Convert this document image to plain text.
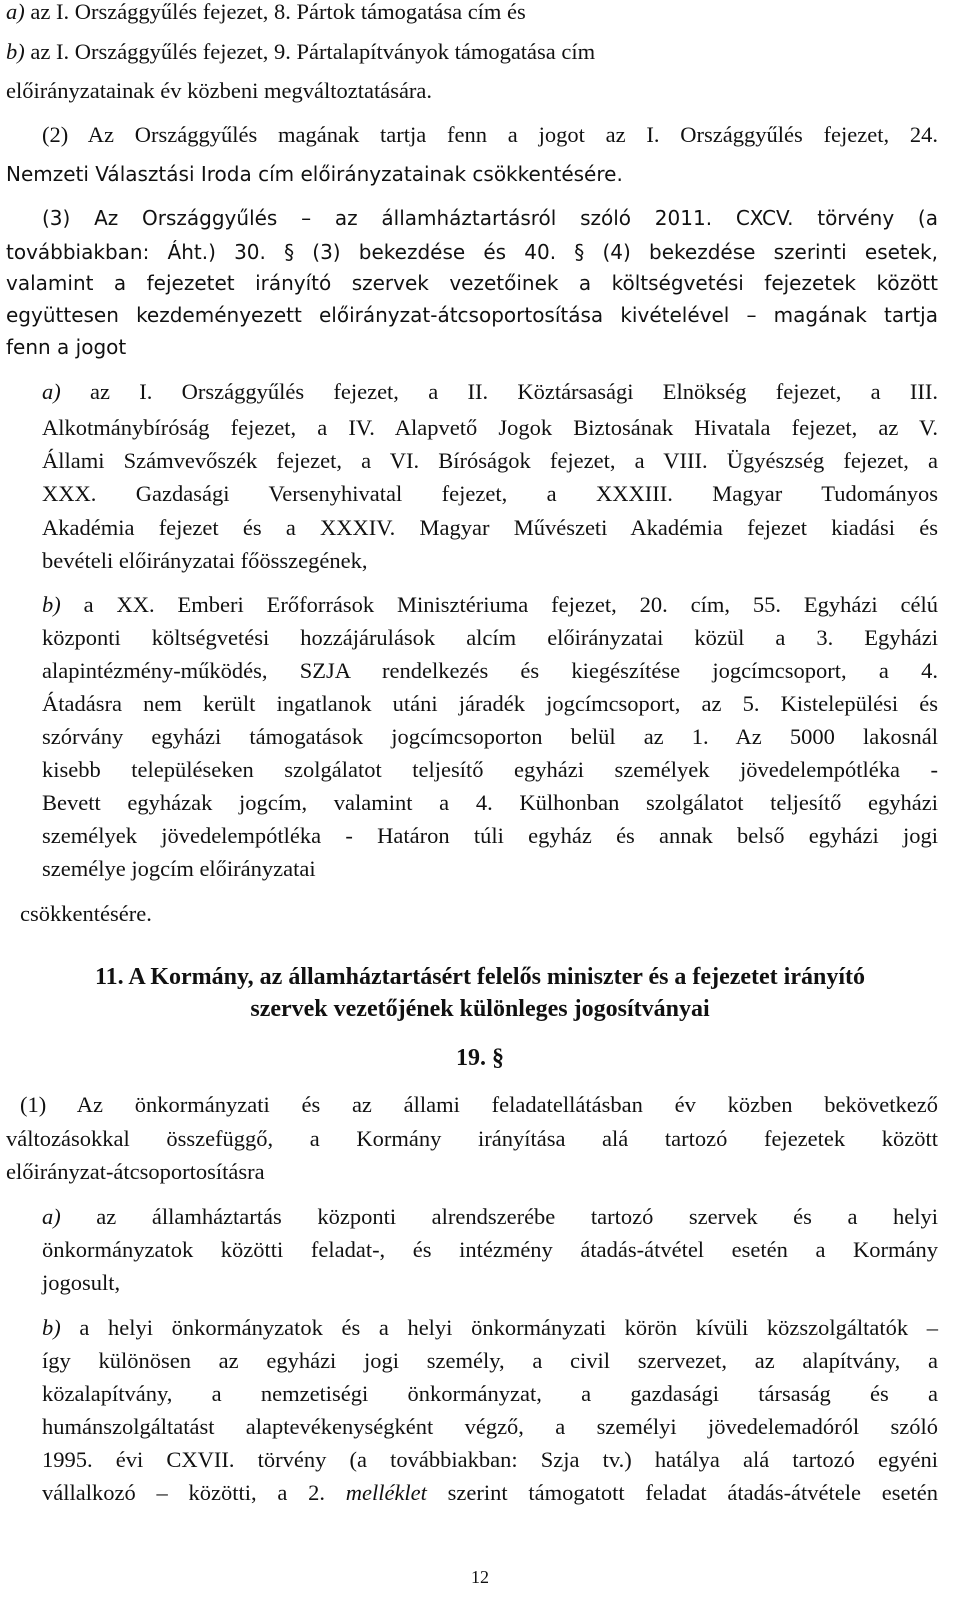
a) az I. Országgyűlés fejezet, 8. Pártok támogatása cím és
b) az I. Országgyűlés fejezet, 9. Pártalapítványok támogatása cím
előirányzatainak év közbeni megváltoztatására.
(2) Az Országgyűlés magának tartja fenn a jogot az I. Országgyűlés fejezet, 24.
Nemzeti Választási Iroda cím előirányzatainak csökkentésére.
(3) Az Országgyűlés – az államháztartásról szóló 2011. CXCV. törvény (a
továbbiakban: Áht.) 30. § (3) bekezdése és 40. § (4) bekezdése szerinti esetek,
valamint a fejezetet irányító szervek vezetőinek a költségvetési fejezetek között
együttesen kezdeményezett előirányzat-átcsoportosítása kivételével – magának tartja
fenn a jogot
a) az I. Országgyűlés fejezet, a II. Köztársasági Elnökség fejezet, a III.
Alkotmánybíróság fejezet, a IV. Alapvető Jogok Biztosának Hivatala fejezet, az V.
Állami Számvevőszék fejezet, a VI. Bíróságok fejezet, a VIII. Ügyészség fejezet, a
XXX. Gazdasági Versenyhivatal fejezet, a XXXIII. Magyar Tudományos
Akadémia fejezet és a XXXIV. Magyar Művészeti Akadémia fejezet kiadási és
bevételi előirányzatai főösszegének,
b) a XX. Emberi Erőforrások Minisztériuma fejezet, 20. cím, 55. Egyházi célú
központi költségvetési hozzájárulások alcím előirányzatai közül a 3. Egyházi
alapintézmény-működés, SZJA rendelkezés és kiegészítése jogcímcsoport, a 4.
Átadásra nem került ingatlanok utáni járadék jogcímcsoport, az 5. Kistelepülési és
szórvány egyházi támogatások jogcímcsoporton belül az 1. Az 5000 lakosnál
kisebb településeken szolgálatot teljesítő egyházi személyek jövedelempótléka -
Bevett egyházak jogcím, valamint a 4. Külhonban szolgálatot teljesítő egyházi
személyek jövedelempótléka - Határon túli egyház és annak belső egyházi jogi
személye jogcím előirányzatai
csökkentésére.
11. A Kormány, az államháztartásért felelős miniszter és a fejezetet irányító
szervek vezetőjének különleges jogosítványai
19. §
(1) Az önkormányzati és az állami feladatellátásban év közben bekövetkező
változásokkal összefüggő, a Kormány irányítása alá tartozó fejezetek között
előirányzat-átcsoportosításra
a) az államháztartás központi alrendszerébe tartozó szervek és a helyi
önkormányzatok közötti feladat-, és intézmény átadás-átvétel esetén a Kormány
jogosult,
b) a helyi önkormányzatok és a helyi önkormányzati körön kívüli közszolgáltatók –
így különösen az egyházi jogi személy, a civil szervezet, az alapítvány, a
közalapítvány, a nemzetiségi önkormányzat, a gazdasági társaság és a
humánszolgáltatást alaptevékenységként végző, a személyi jövedelemadóról szóló
1995. évi CXVII. törvény (a továbbiakban: Szja tv.) hatálya alá tartozó egyéni
vállalkozó – közötti, a 2. melléklet szerint támogatott feladat átadás-átvétele esetén
12
